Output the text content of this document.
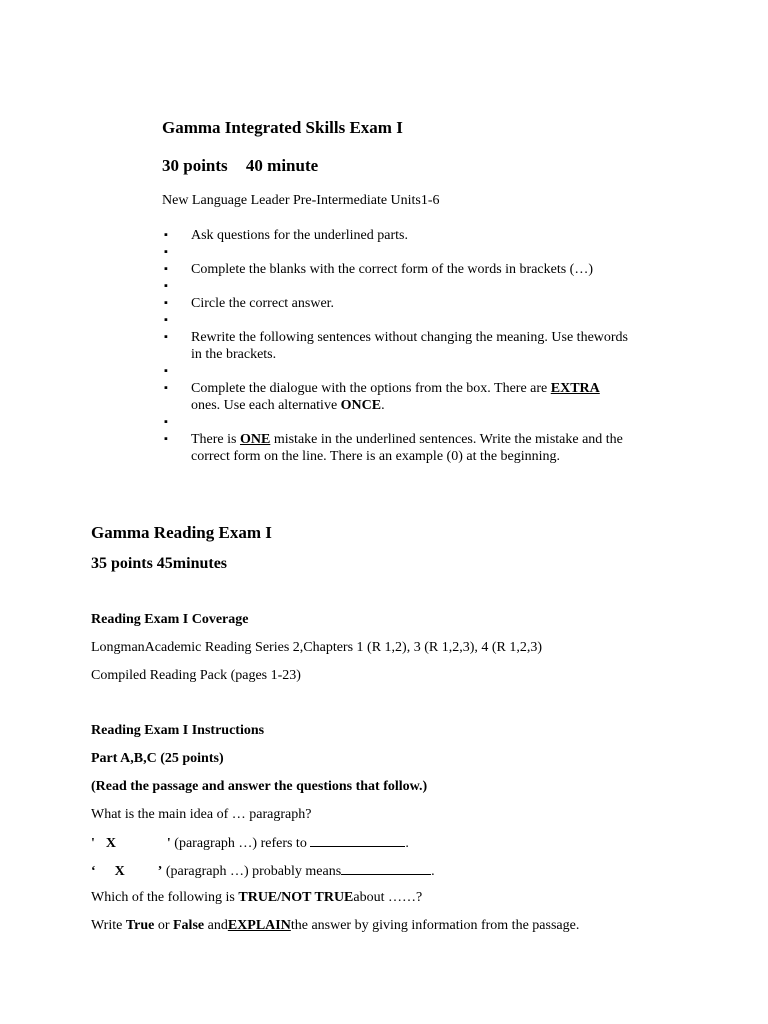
Gamma Integrated Skills Exam I
30 points 40 minute
New Language Leader Pre-Intermediate Units1-6
▪ Ask questions for the underlined parts.
▪
▪ Complete the blanks with the correct form of the words in brackets (…)
▪
▪ Circle the correct answer.
▪
▪ Rewrite the following sentences without changing the meaning. Use thewords
in the brackets.
▪
▪ Complete the dialogue with the options from the box. There are EXTRA
ones. Use each alternative ONCE.
▪
▪ There is ONE mistake in the underlined sentences. Write the mistake and the
correct form on the line. There is an example (0) at the beginning.
Gamma Reading Exam I
35 points 45minutes
Reading Exam I Coverage
LongmanAcademic Reading Series 2,Chapters 1 (R 1,2), 3 (R 1,2,3), 4 (R 1,2,3)
Compiled Reading Pack (pages 1-23)
Reading Exam I Instructions
Part A,B,C (25 points)
(Read the passage and answer the questions that follow.)
What is the main idea of … paragraph?
' X	' (paragraph …) refers to	.
‘ X ’ (paragraph …) probably means	.
Which of the following is TRUE/NOT TRUEabout ……?
Write True or False andEXPLAINthe answer by giving information from the passage.
